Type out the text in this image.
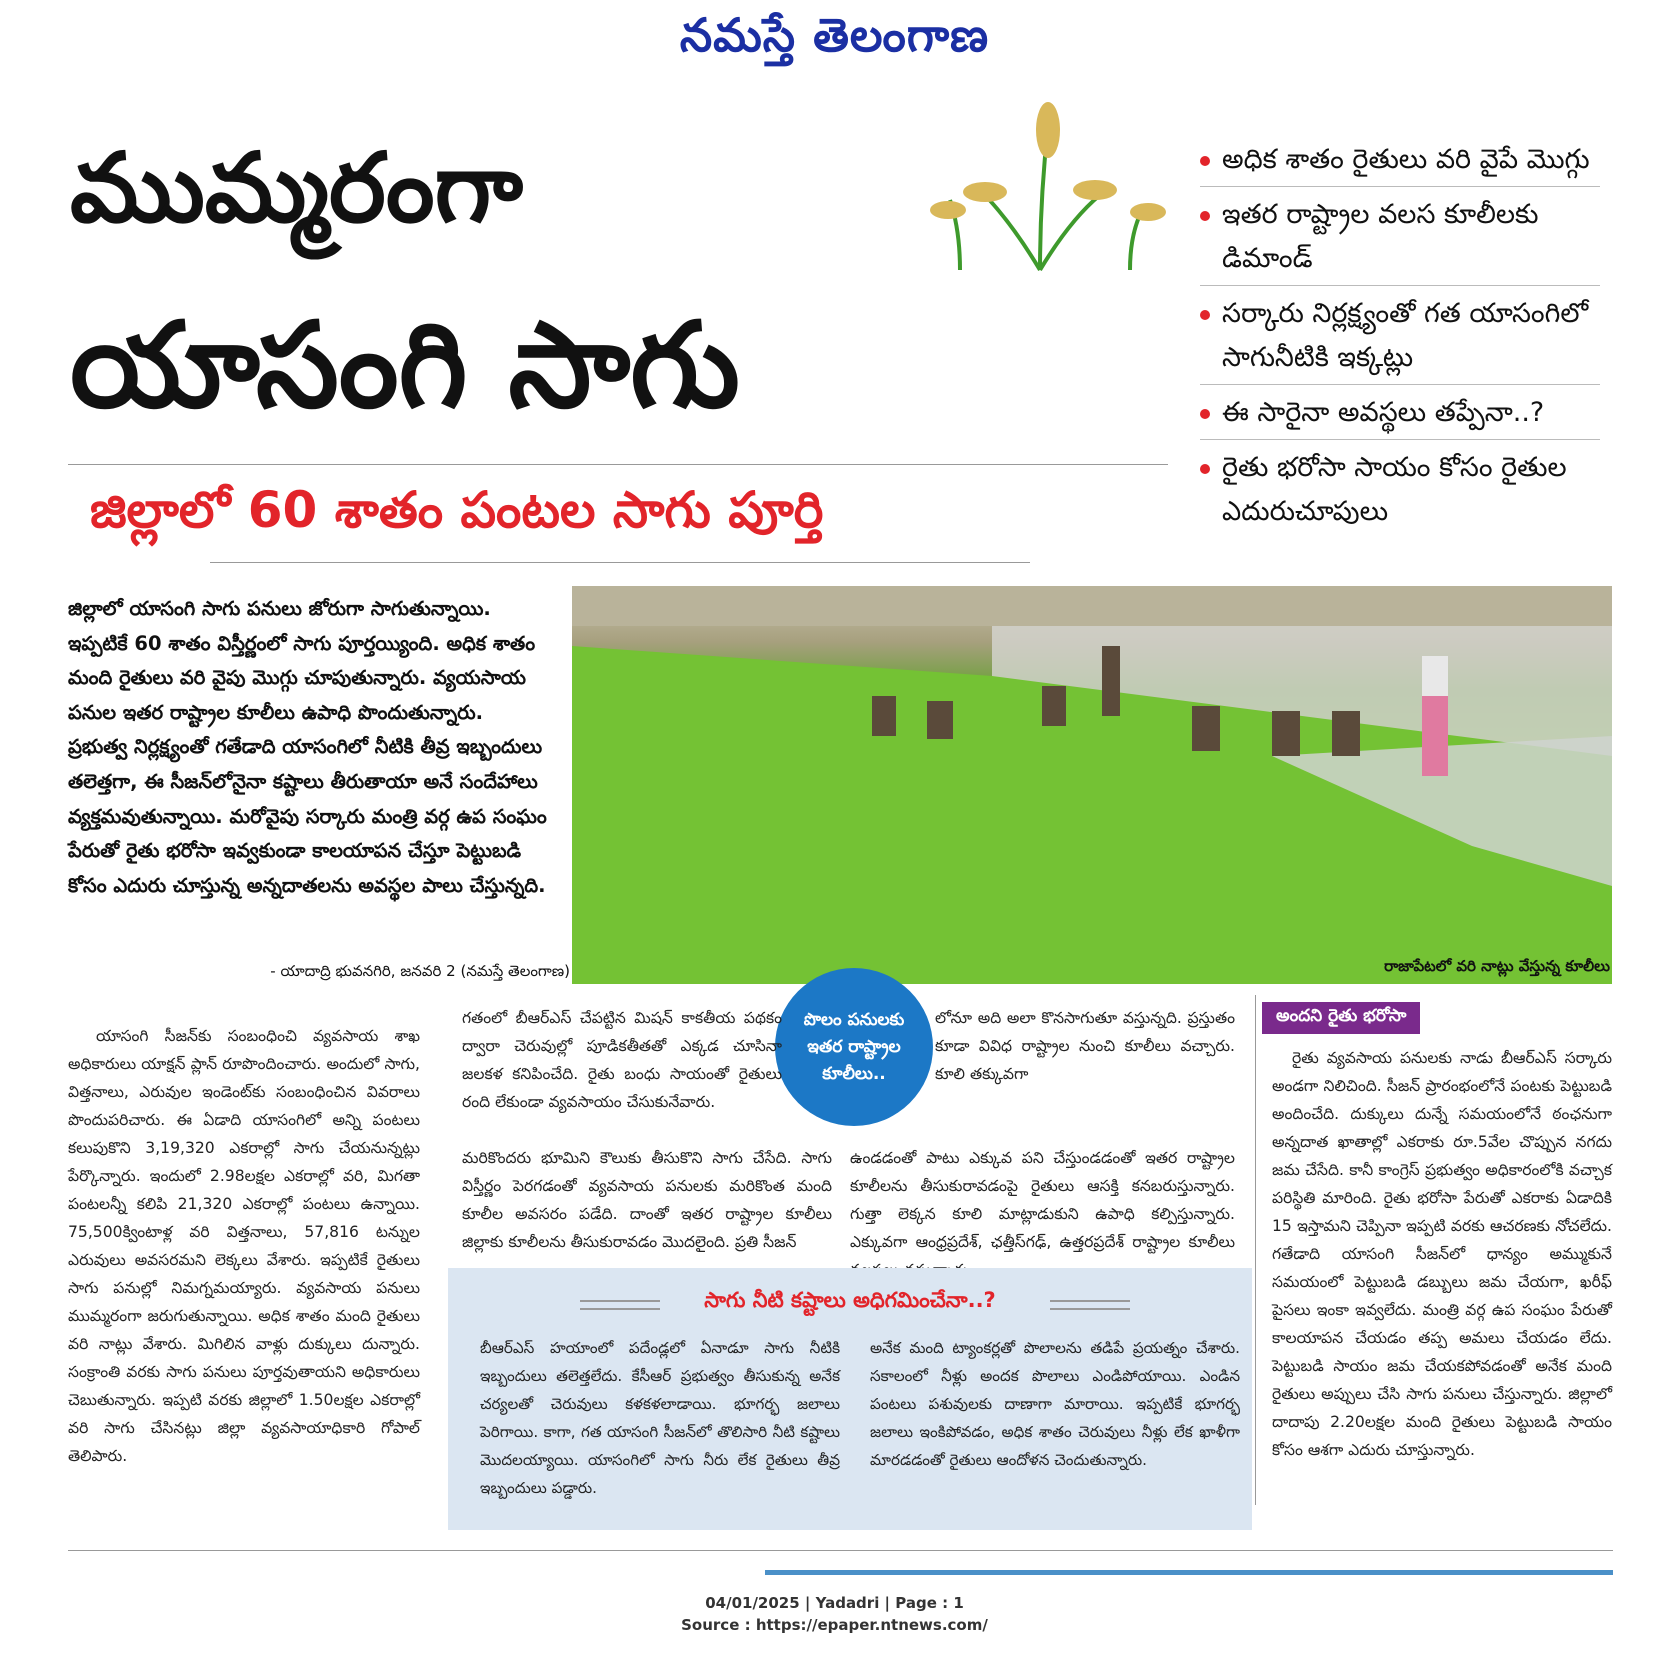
నమస్తే తెలంగాణ
ముమ్మరంగా
యాసంగి సాగు
జిల్లాలో 60 శాతం పంటల సాగు పూర్తి
అధిక శాతం రైతులు వరి వైపే మొగ్గు
ఇతర రాష్ట్రాల వలస కూలీలకు డిమాండ్
సర్కారు నిర్లక్ష్యంతో గత యాసంగిలో సాగునీటికి ఇక్కట్లు
ఈ సారైనా అవస్థలు తప్పేనా..?
రైతు భరోసా సాయం కోసం రైతుల ఎదురుచూపులు
జిల్లాలో యాసంగి సాగు పనులు జోరుగా సాగుతున్నాయి. ఇప్పటికే 60 శాతం విస్తీర్ణంలో సాగు పూర్తయ్యింది. అధిక శాతం మంది రైతులు వరి వైపు మొగ్గు చూపుతున్నారు. వ్యయసాయ పనుల ఇతర రాష్ట్రాల కూలీలు ఉపాధి పొందుతున్నారు. ప్రభుత్వ నిర్లక్ష్యంతో గతేడాది యాసంగిలో నీటికి తీవ్ర ఇబ్బందులు తలెత్తగా, ఈ సీజన్‌లోనైనా కష్టాలు తీరుతాయా అనే సందేహాలు వ్యక్తమవుతున్నాయి. మరోవైపు సర్కారు మంత్రి వర్గ ఉప సంఘం పేరుతో రైతు భరోసా ఇవ్వకుండా కాలయాపన చేస్తూ పెట్టుబడి కోసం ఎదురు చూస్తున్న అన్నదాతలను అవస్థల పాలు చేస్తున్నది.
- యాదాద్రి భువనగిరి, జనవరి 2 (నమస్తే తెలంగాణ)	రాజాపేటలో వరి నాట్లు వేస్తున్న కూలీలు
పొలం పనులకు ఇతర రాష్ట్రాల కూలీలు..
యాసంగి సీజన్‌కు సంబంధించి వ్యవసాయ శాఖ అధికారులు యాక్షన్ ప్లాన్ రూపొందించారు. అందులో సాగు, విత్తనాలు, ఎరువుల ఇండెంట్‌కు సంబంధించిన వివరాలు పొందుపరిచారు. ఈ ఏడాది యాసంగిలో అన్ని పంటలు కలుపుకొని 3,19,320 ఎకరాల్లో సాగు చేయనున్నట్లు పేర్కొన్నారు. ఇందులో 2.98లక్షల ఎకరాల్లో వరి, మిగతా పంటలన్నీ కలిపి 21,320 ఎకరాల్లో పంటలు ఉన్నాయి. 75,500క్వింటాళ్ల వరి విత్తనాలు, 57,816 టన్నుల ఎరువులు అవసరమని లెక్కలు వేశారు. ఇప్పటికే రైతులు సాగు పనుల్లో నిమగ్నమయ్యారు. వ్యవసాయ పనులు ముమ్మరంగా జరుగుతున్నాయి. అధిక శాతం మంది రైతులు వరి నాట్లు వేశారు. మిగిలిన వాళ్లు దుక్కులు దున్నారు. సంక్రాంతి వరకు సాగు పనులు పూర్తవుతాయని అధికారులు చెబుతున్నారు. ఇప్పటి వరకు జిల్లాలో 1.50లక్షల ఎకరాల్లో వరి సాగు చేసినట్లు జిల్లా వ్యవసాయాధికారి గోపాల్ తెలిపారు.
గతంలో బీఆర్‌ఎస్ చేపట్టిన మిషన్ కాకతీయ పథకం ద్వారా చెరువుల్లో పూడికతీతతో ఎక్కడ చూసినా జలకళ కనిపించేది. రైతు బంధు సాయంతో రైతులు రంది లేకుండా వ్యవసాయం చేసుకునేవారు.
మరికొందరు భూమిని కౌలుకు తీసుకొని సాగు చేసేది. సాగు విస్తీర్ణం పెరగడంతో వ్యవసాయ పనులకు మరికొంత మంది కూలీల అవసరం పడేది. దాంతో ఇతర రాష్ట్రాల కూలీలు జిల్లాకు కూలీలను తీసుకురావడం మొదలైంది. ప్రతి సీజన్
లోనూ అది అలా కొనసాగుతూ వస్తున్నది. ప్రస్తుతం కూడా వివిధ రాష్ట్రాల నుంచి కూలీలు వచ్చారు. కూలి తక్కువగా
ఉండడంతో పాటు ఎక్కువ పని చేస్తుండడంతో ఇతర రాష్ట్రాల కూలీలను తీసుకురావడంపై రైతులు ఆసక్తి కనబరుస్తున్నారు. గుత్తా లెక్కన కూలి మాట్లాడుకుని ఉపాధి కల్పిస్తున్నారు. ఎక్కువగా ఆంధ్రప్రదేశ్, ఛత్తీస్‌గఢ్, ఉత్తరప్రదేశ్ రాష్ట్రాల కూలీలు
అందని రైతు భరోసా
రైతు వ్యవసాయ పనులకు నాడు బీఆర్‌ఎస్ సర్కారు అండగా నిలిచింది. సీజన్ ప్రారంభంలోనే పంటకు పెట్టుబడి అందించేది. దుక్కులు దున్నే సమయంలోనే ఠంఛనుగా అన్నదాత ఖాతాల్లో ఎకరాకు రూ.5వేల చొప్పున నగదు జమ చేసేది. కానీ కాంగ్రెస్ ప్రభుత్వం అధికారంలోకి వచ్చాక పరిస్థితి మారింది. రైతు భరోసా పేరుతో ఎకరాకు ఏడాదికి 15 ఇస్తామని చెప్పినా ఇప్పటి వరకు ఆచరణకు నోచలేదు. గతేడాది యాసంగి సీజన్‌లో ధాన్యం అమ్ముకునే సమయంలో పెట్టుబడి డబ్బులు జమ చేయగా, ఖరీఫ్ పైసలు ఇంకా ఇవ్వలేదు. మంత్రి వర్గ ఉప సంఘం పేరుతో కాలయాపన చేయడం తప్ప అమలు చేయడం లేదు. పెట్టుబడి సాయం జమ చేయకపోవడంతో అనేక మంది రైతులు అప్పులు చేసి సాగు పనులు చేస్తున్నారు. జిల్లాలో దాదాపు 2.20లక్షల మంది రైతులు పెట్టుబడి సాయం కోసం ఆశగా ఎదురు చూస్తున్నారు.
సాగు నీటి కష్టాలు అధిగమించేనా..?
బీఆర్‌ఎస్ హయాంలో పదేండ్లలో ఏనాడూ సాగు నీటికి ఇబ్బందులు తలెత్తలేదు. కేసీఆర్ ప్రభుత్వం తీసుకున్న అనేక చర్యలతో చెరువులు కళకళలాడాయి. భూగర్భ జలాలు పెరిగాయి. కాగా, గత యాసంగి సీజన్‌లో తొలిసారి నీటి కష్టాలు మొదలయ్యాయి. యాసంగిలో సాగు నీరు లేక రైతులు తీవ్ర ఇబ్బందులు పడ్డారు.
అనేక మంది ట్యాంకర్లతో పొలాలను తడిపే ప్రయత్నం చేశారు. సకాలంలో నీళ్లు అందక పొలాలు ఎండిపోయాయి. ఎండిన పంటలు పశువులకు దాణాగా మారాయి. ఇప్పటికే భూగర్భ జలాలు ఇంకిపోవడం, అధిక శాతం చెరువులు నీళ్లు లేక ఖాళీగా మారడడంతో రైతులు ఆందోళన చెందుతున్నారు.
04/01/2025 | Yadadri | Page : 1
Source : https://epaper.ntnews.com/
